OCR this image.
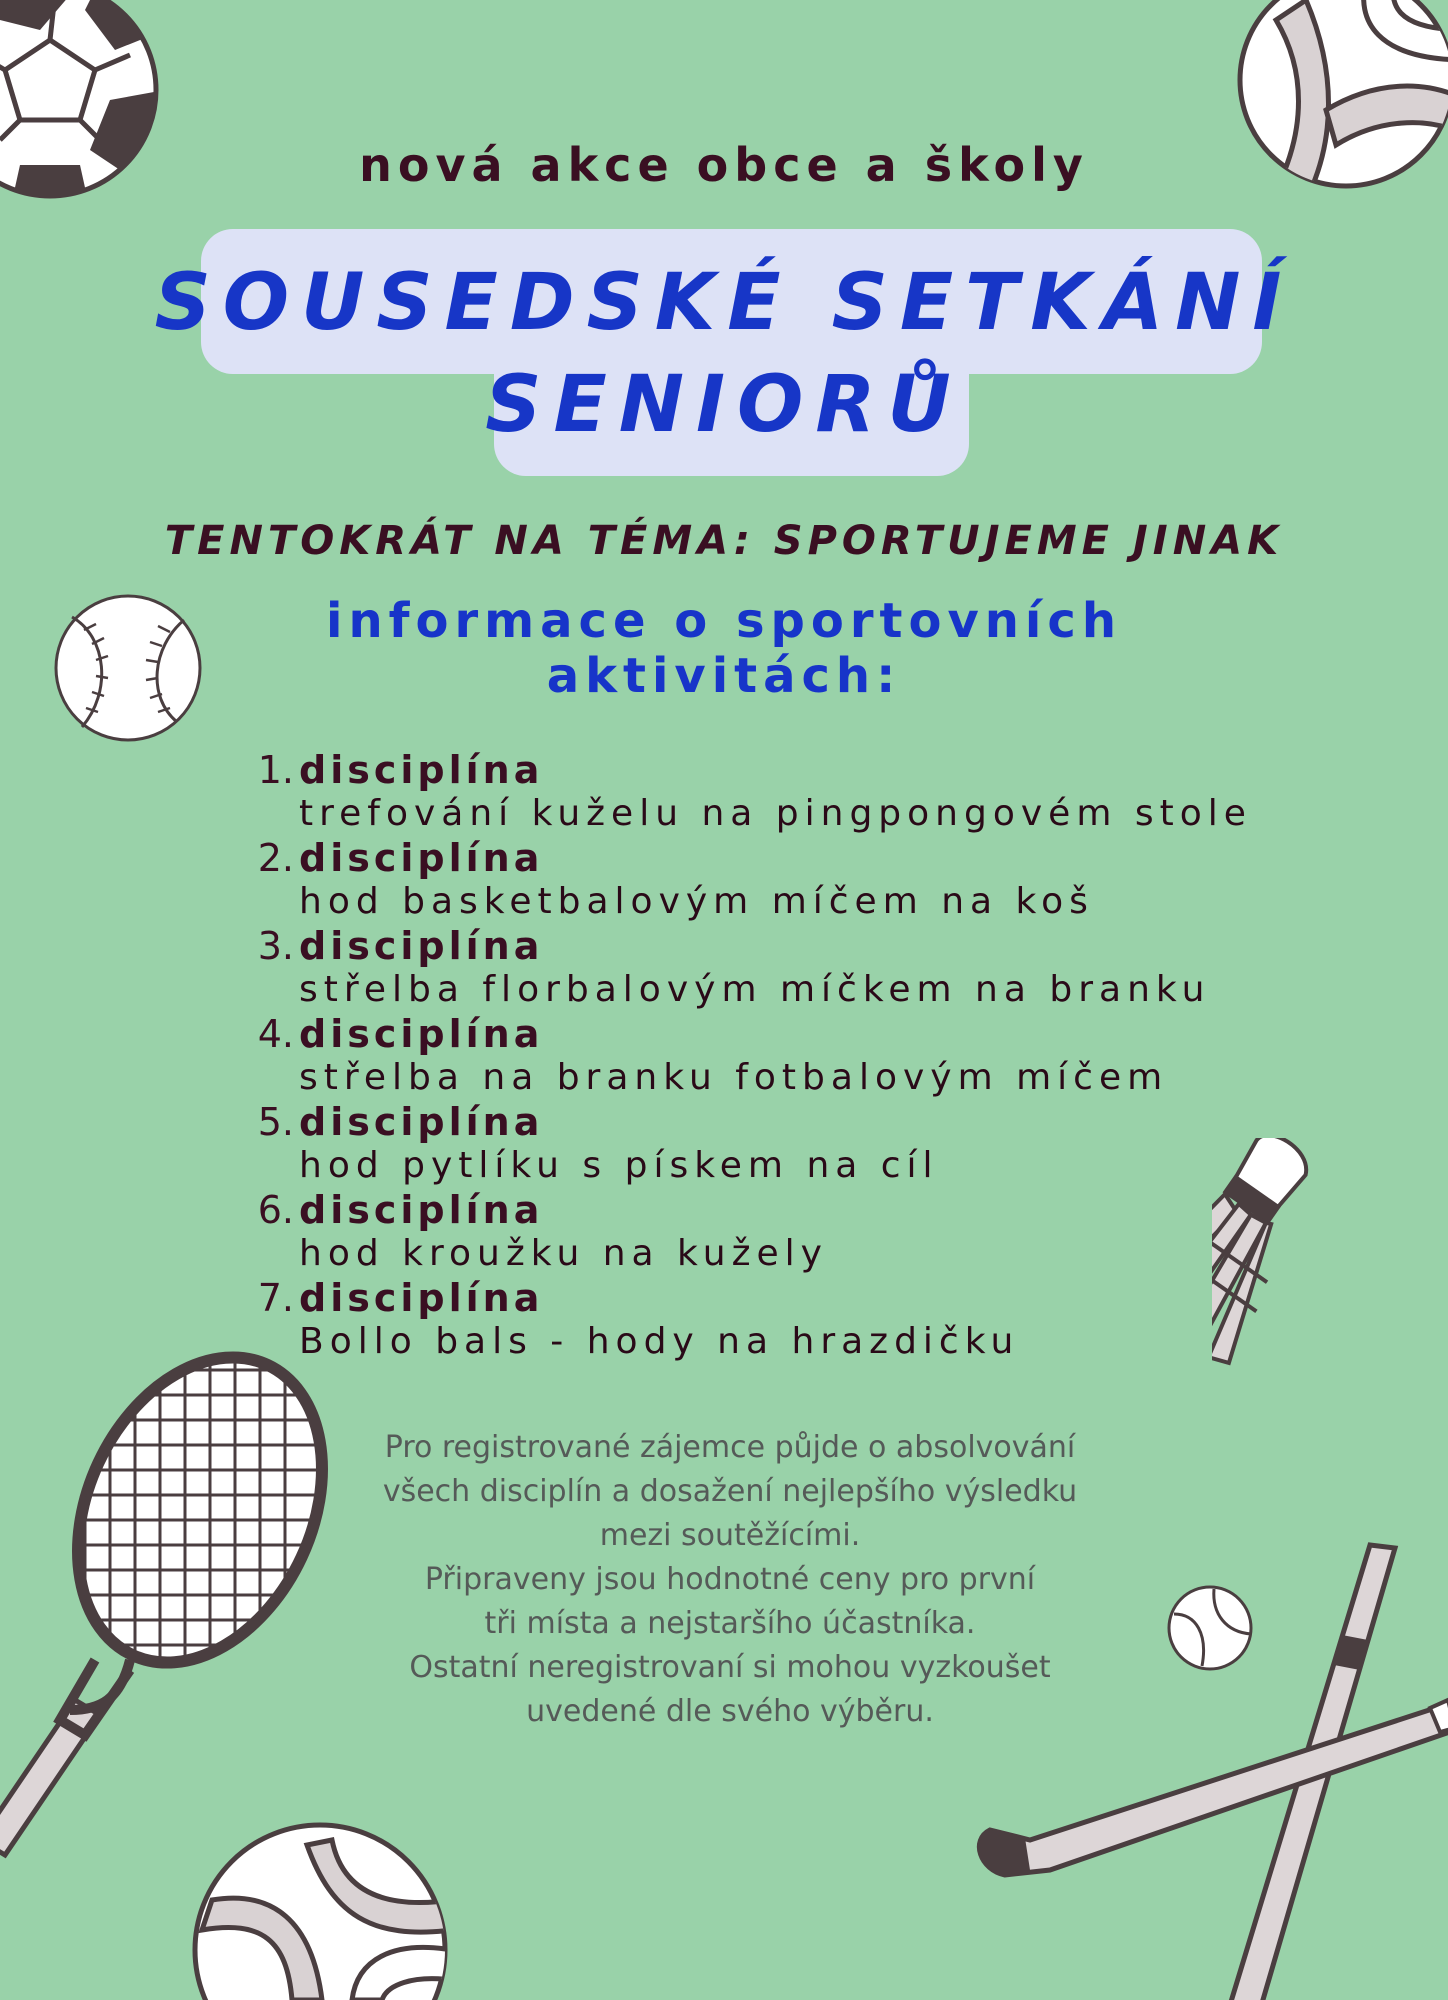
nová akce obce a školy
SOUSEDSKÉ SETKÁNÍ
SENIORŮ
TENTOKRÁT NA TÉMA: SPORTUJEME JINAK
informace o sportovních
aktivitách:
1. disciplína
trefování kuželu na pingpongovém stole
2. disciplína
hod basketbalovým míčem na koš
3. disciplína
střelba florbalovým míčkem na branku
4. disciplína
střelba na branku fotbalovým míčem
5. disciplína
hod pytlíku s pískem na cíl
6. disciplína
hod kroužku na kužely
7. disciplína
Bollo bals - hody na hrazdičku
Pro registrované zájemce půjde o absolvování
všech disciplín a dosažení nejlepšího výsledku
mezi soutěžícími.
Připraveny jsou hodnotné ceny pro první
tři místa a nejstaršího účastníka.
Ostatní neregistrovaní si mohou vyzkoušet
uvedené dle svého výběru.
